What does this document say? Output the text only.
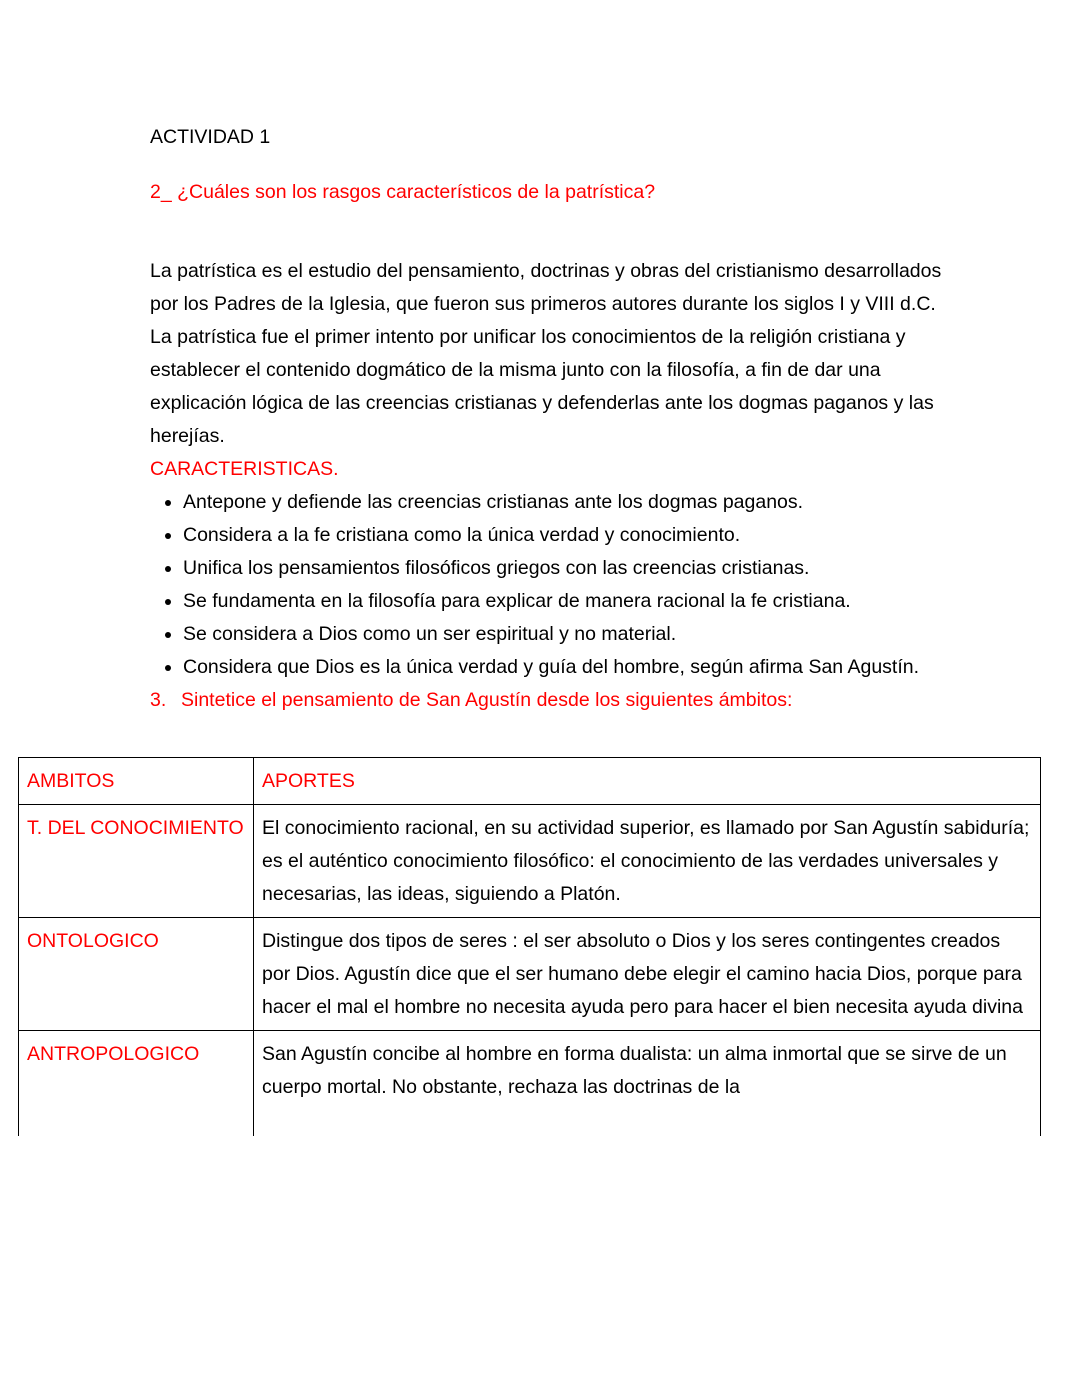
ACTIVIDAD 1

2_ ¿Cuáles son los rasgos característicos de la patrística?

La patrística es el estudio del pensamiento, doctrinas y obras del cristianismo desarrollados por los Padres de la Iglesia, que fueron sus primeros autores durante los siglos I y VIII d.C.

La patrística fue el primer intento por unificar los conocimientos de la religión cristiana y establecer el contenido dogmático de la misma junto con la filosofía, a fin de dar una explicación lógica de las creencias cristianas y defenderlas ante los dogmas paganos y las herejías.

CARACTERISTICAS.

• Antepone y defiende las creencias cristianas ante los dogmas paganos.
• Considera a la fe cristiana como la única verdad y conocimiento.
• Unifica los pensamientos filosóficos griegos con las creencias cristianas.
• Se fundamenta en la filosofía para explicar de manera racional la fe cristiana.
• Se considera a Dios como un ser espiritual y no material.
• Considera que Dios es la única verdad y guía del hombre, según afirma San Agustín.

3. Sintetice el pensamiento de San Agustín desde los siguientes ámbitos:

AMBITOS	APORTES
T. DEL CONOCIMIENTO	El conocimiento racional, en su actividad superior, es llamado por San Agustín sabiduría; es el auténtico conocimiento filosófico: el conocimiento de las verdades universales y necesarias, las ideas, siguiendo a Platón.
ONTOLOGICO	Distingue dos tipos de seres : el ser absoluto o Dios y los seres contingentes creados por Dios. Agustín dice que el ser humano debe elegir el camino hacia Dios, porque para hacer el mal el hombre no necesita ayuda pero para hacer el bien necesita ayuda divina
ANTROPOLOGICO	San Agustín concibe al hombre en forma dualista: un alma inmortal que se sirve de un cuerpo mortal. No obstante, rechaza las doctrinas de la
